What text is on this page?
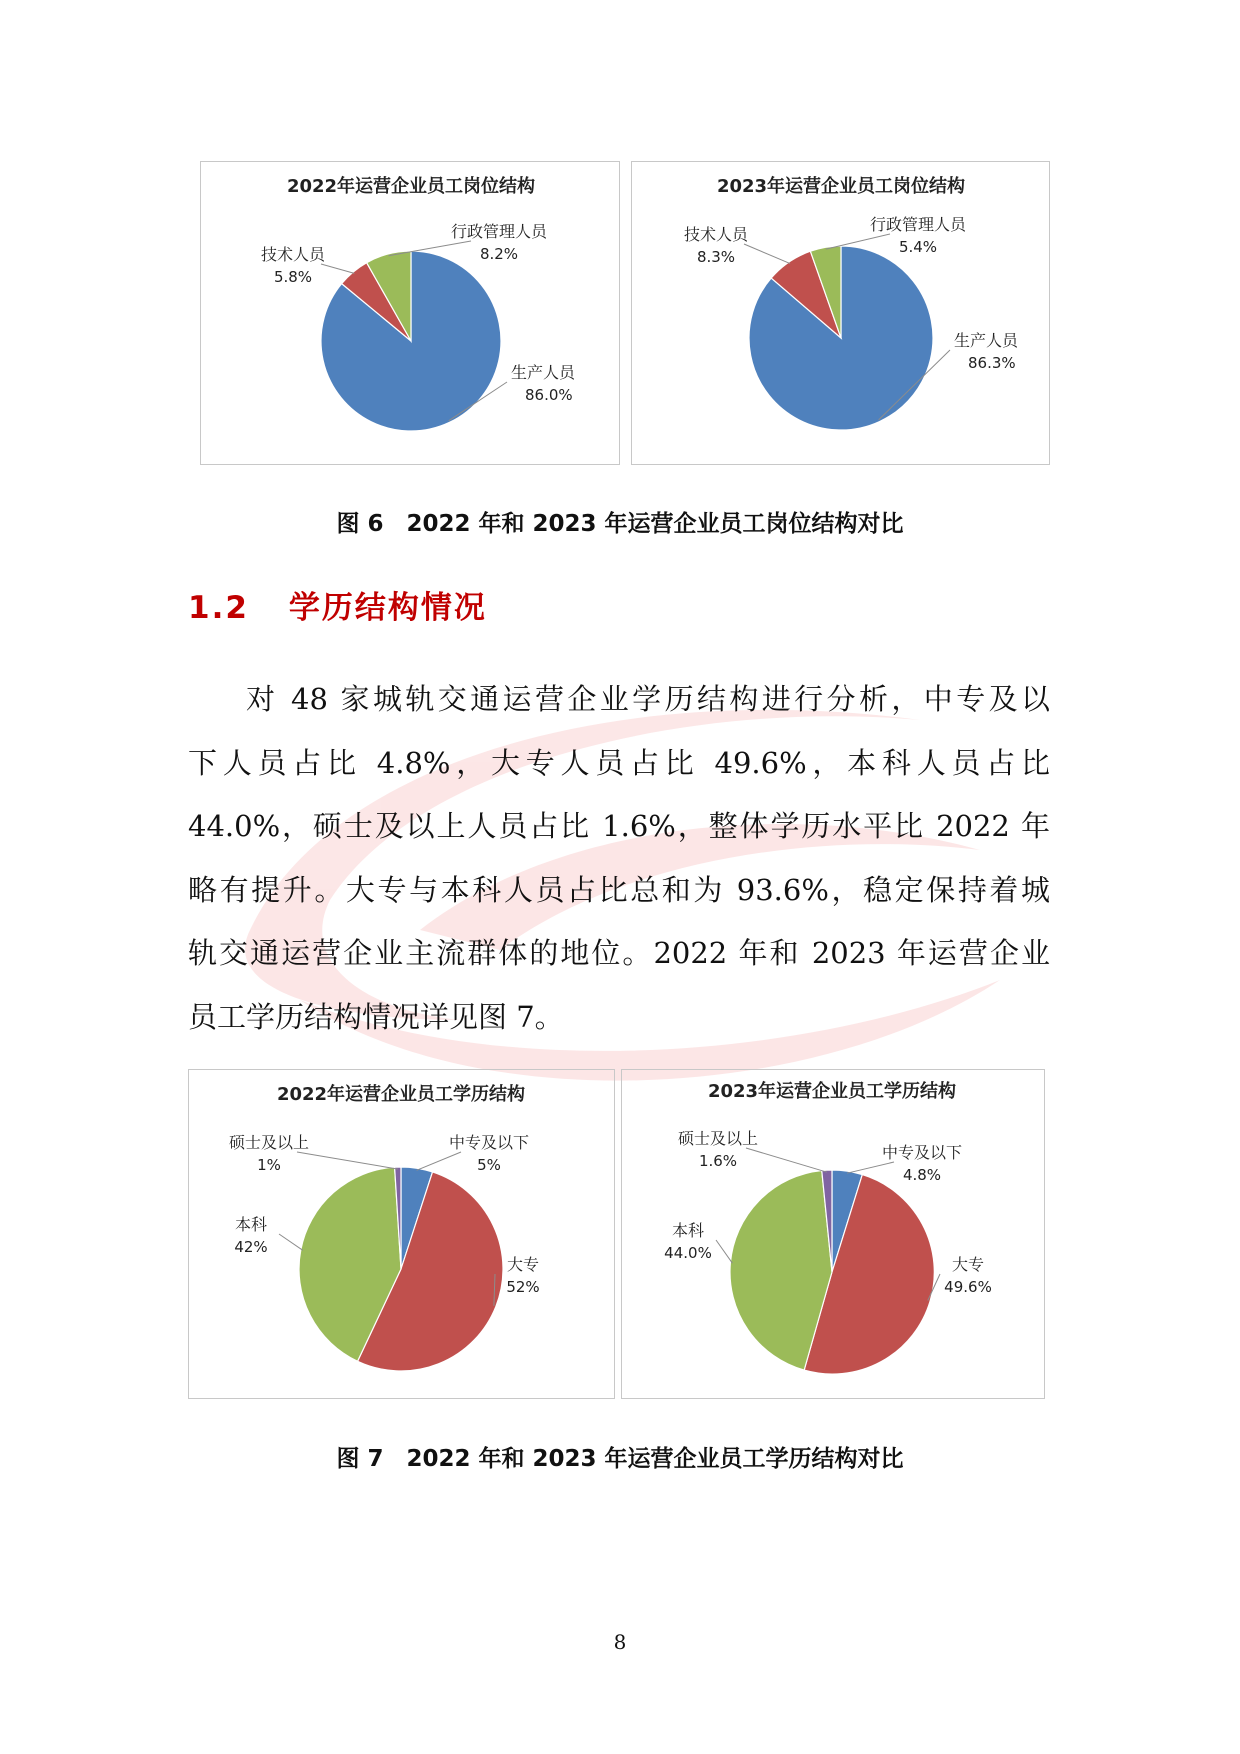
2022年运营企业员工岗位结构
生产人员
86.0%
技术人员
5.8%
行政管理人员
8.2%
2023年运营企业员工岗位结构
生产人员
86.3%
技术人员
8.3%
行政管理人员
5.4%
图 6　2022 年和 2023 年运营企业员工岗位结构对比
1.2 学历结构情况
对 48 家城轨交通运营企业学历结构进行分析，中专及以
下人员占比 4.8%，大专人员占比 49.6%，本科人员占比
44.0%，硕士及以上人员占比 1.6%，整体学历水平比 2022 年
略有提升。大专与本科人员占比总和为 93.6%，稳定保持着城
轨交通运营企业主流群体的地位。2022 年和 2023 年运营企业
员工学历结构情况详见图 7。
2022年运营企业员工学历结构
中专及以下
5%
大专
52%
本科
42%
硕士及以上
1%
2023年运营企业员工学历结构
中专及以下
4.8%
大专
49.6%
本科
44.0%
硕士及以上
1.6%
图 7　2022 年和 2023 年运营企业员工学历结构对比
8
